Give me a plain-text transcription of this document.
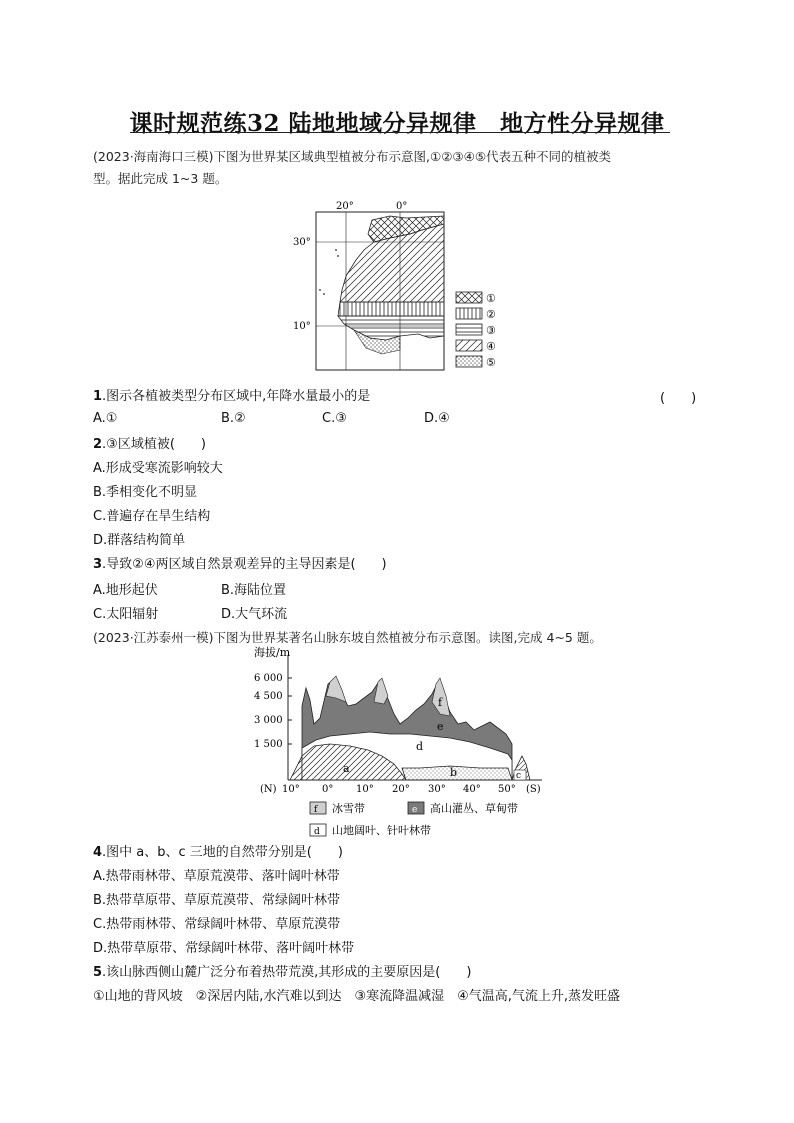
课时规范练32 陆地地域分异规律　地方性分异规律
(2023·海南海口三模)下图为世界某区域典型植被分布示意图,①②③④⑤代表五种不同的植被类
型。据此完成 1~3 题。
20°	0°
30°
10°
①
②
③
④
⑤
1.图示各植被类型分布区域中,年降水量最小的是	(　　)
A.①	B.②	C.③	D.④
2.③区域植被(　　)
A.形成受寒流影响较大
B.季相变化不明显
C.普遍存在旱生结构
D.群落结构简单
3.导致②④两区域自然景观差异的主导因素是(　　)
A.地形起伏	B.海陆位置
C.太阳辐射	D.大气环流
(2023·江苏泰州一模)下图为世界某著名山脉东坡自然植被分布示意图。读图,完成 4~5 题。
海拔/m
6 000
4 500
3 000
1 500
a	b	c
d
e
f
(N) 10° 0° 10° 20° 30° 40° 50° (S)
f 冰雪带	e 高山灌丛、草甸带
d 山地阔叶、针叶林带
4.图中 a、b、c 三地的自然带分别是(　　)
A.热带雨林带、草原荒漠带、落叶阔叶林带
B.热带草原带、草原荒漠带、常绿阔叶林带
C.热带雨林带、常绿阔叶林带、草原荒漠带
D.热带草原带、常绿阔叶林带、落叶阔叶林带
5.该山脉西侧山麓广泛分布着热带荒漠,其形成的主要原因是(　　)
①山地的背风坡　②深居内陆,水汽难以到达　③寒流降温减湿　④气温高,气流上升,蒸发旺盛
